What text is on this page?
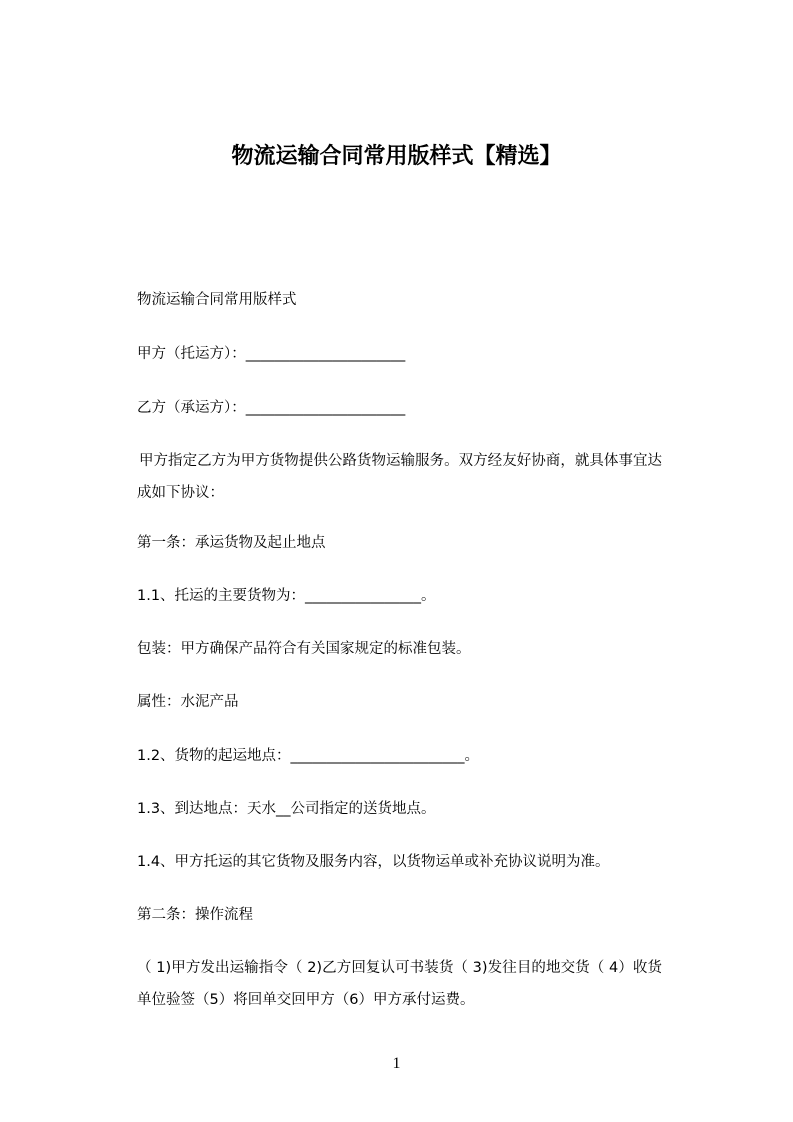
物流运输合同常用版样式【精选】
物流运输合同常用版样式
甲方（托运方）：______________________
乙方（承运方）：______________________
甲方指定乙方为甲方货物提供公路货物运输服务。双方经友好协商，就具体事宜达成如下协议：
第一条：承运货物及起止地点
1.1、托运的主要货物为：________________。
包装：甲方确保产品符合有关国家规定的标准包装。
属性：水泥产品
1.2、货物的起运地点：________________________。
1.3、到达地点：天水__公司指定的送货地点。
1.4、甲方托运的其它货物及服务内容，以货物运单或补充协议说明为准。
第二条：操作流程
（ 1)甲方发出运输指令（ 2)乙方回复认可书装货（ 3)发往目的地交货（ 4）收货单位验签（5）将回单交回甲方（6）甲方承付运费。
1
